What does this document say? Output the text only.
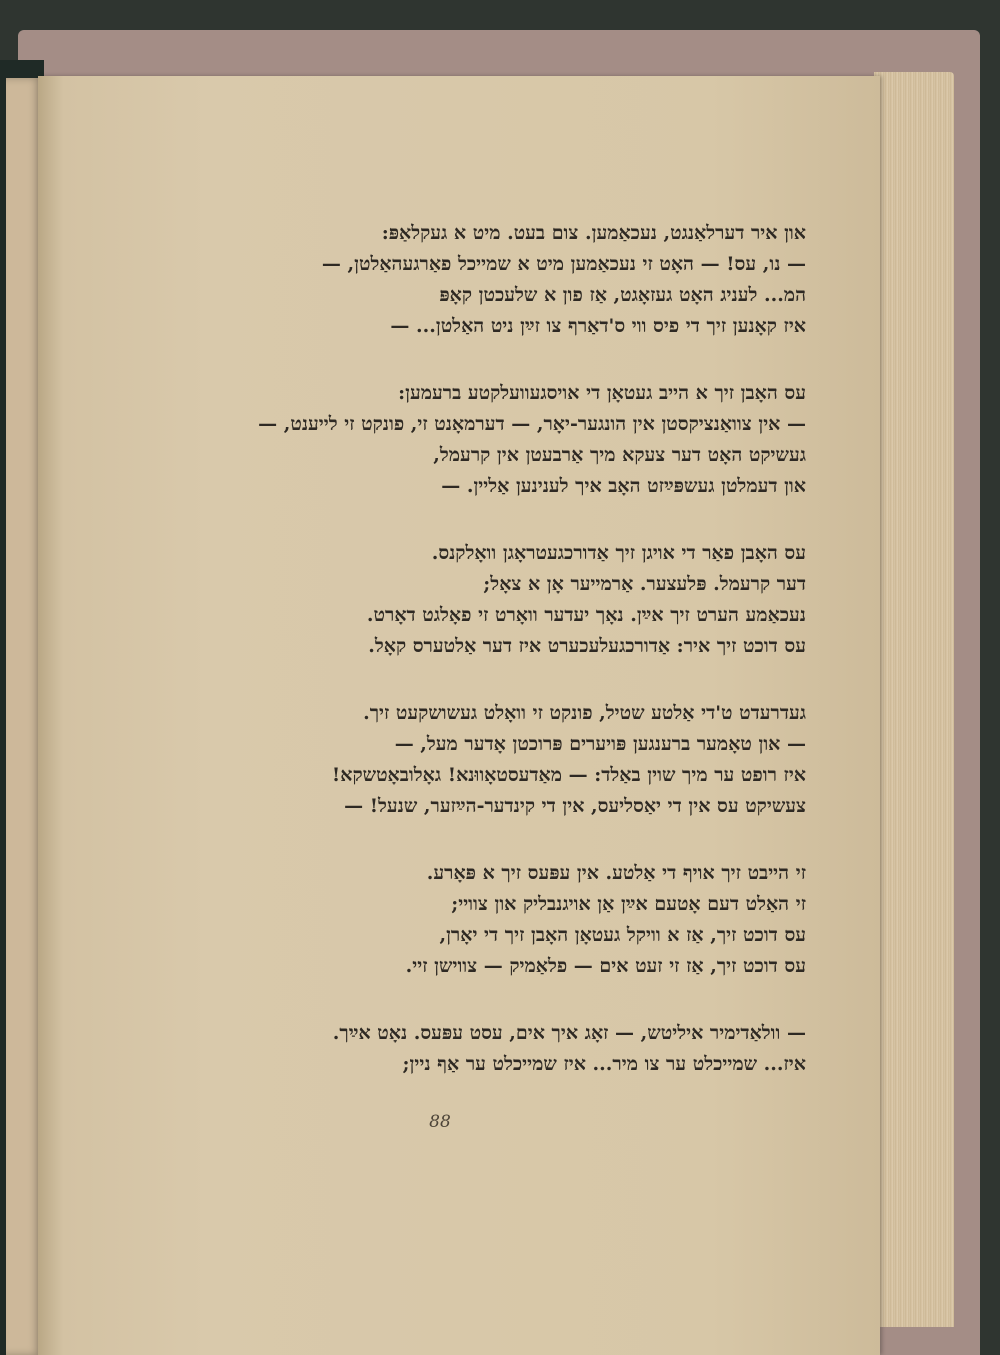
און איר דערלאַנגט, נעכאַמען. צום בעט. מיט א געקלאַפּ:
— נו, עס! — האָט זי נעכאַמען מיט א שמייכל פאַרגעהאַלטן, —
המ... לעניג האָט געזאָגט, אַז פון א שלעכטן קאָפּ
איז קאָנען זיך די פיס ווי ס'דאַרף צו זײַן ניט האַלטן... —
עס האָבן זיך א הייב געטאָן די אויסגעוועלקטע ברעמען:
— אין צוואַנציקסטן אין הונגער-יאָר, — דערמאָנט זי, פונקט זי לייענט, —
געשיקט האָט דער צעקא מיך אַרבעטן אין קרעמל,
און דעמלטן געשפּײַזט האָב איך לענינען אַליין. —
עס האָבן פאַר די אויגן זיך אַדורכגעטראָגן וואָלקנס.
דער קרעמל. פּלעצער. אַרמייער אָן א צאָל;
נעכאַמע הערט זיך אײַן. נאָך יעדער וואָרט זי פאָלגט דאָרט.
עס דוכט זיך איר: אַדורכגעלעכערט איז דער אַלטערס קאָל.
געדרעדט ט'די אַלטע שטיל, פונקט זי וואָלט געשושקעט זיך.
— און טאָמער ברענגען פּויערים פּרוכטן אָדער מעל, —
איז רופט ער מיך שוין באַלד: — מאַדעסטאָווּנא! גאָלובאָטשקא!
צעשיקט עס אין די יאַסליעס, אין די קינדער-הײַזער, שנעל! —
זי הייבט זיך אויף די אַלטע. אין עפּעס זיך א פּאָרע.
זי האַלט דעם אָטעם אײַן אַן אויגנבליק און צוויי;
עס דוכט זיך, אַז א וויקל געטאָן האָבן זיך די יאָרן,
עס דוכט זיך, אַז זי זעט אים — פלאַמיק — צווישן זיי.
— וולאַדימיר איליטש, — זאָג איך אים, עסט עפּעס. נאָט אײַך.
איז... שמייכלט ער צו מיר... איז שמייכלט ער אַף ניין;
88
